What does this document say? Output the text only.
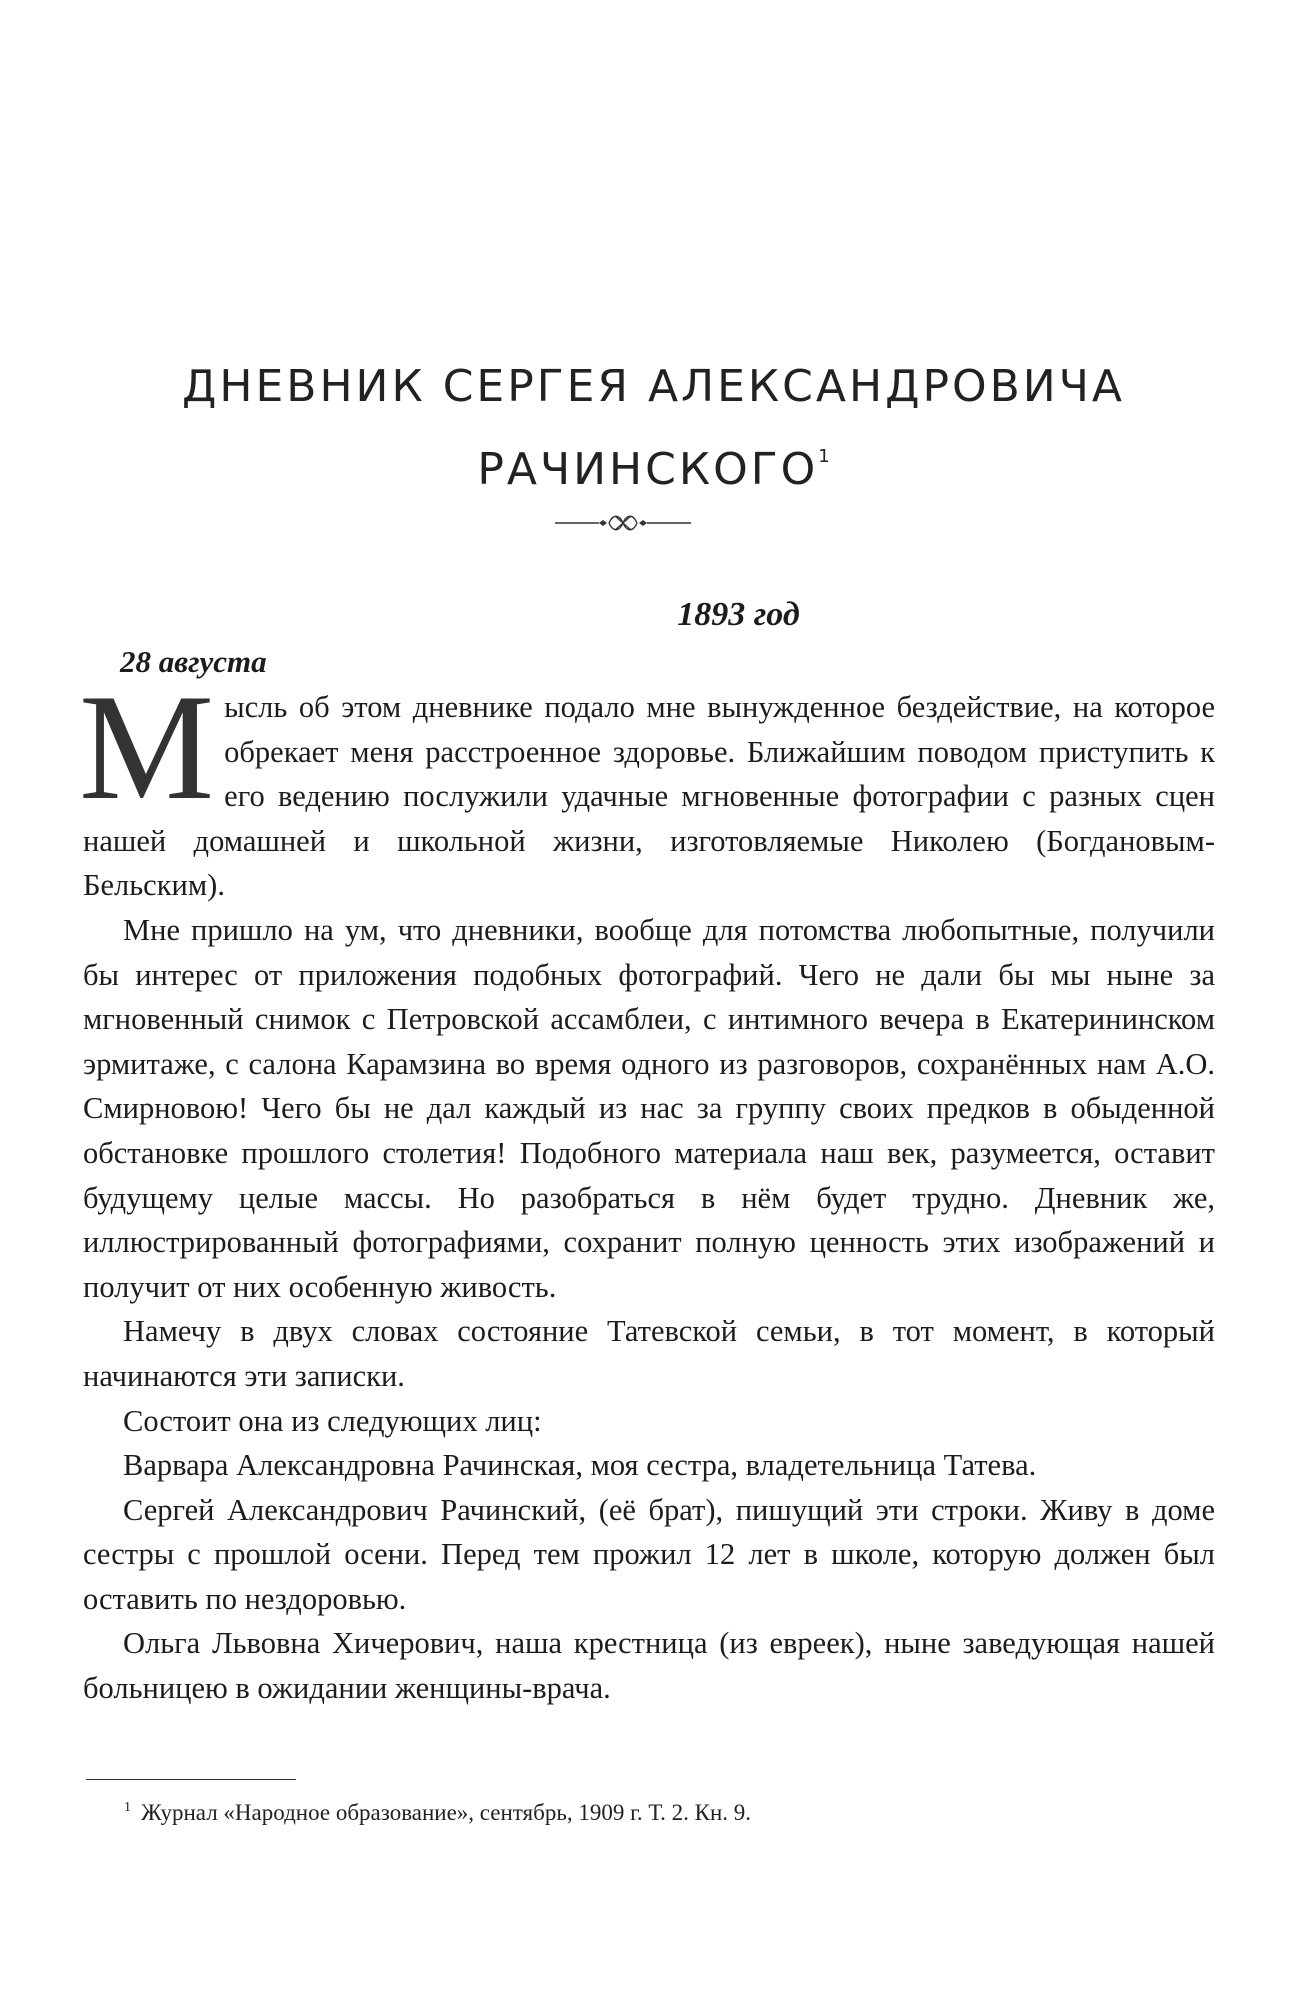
ДНЕВНИК СЕРГЕЯ АЛЕКСАНДРОВИЧА
РАЧИНСКОГО$^1$
1893 год
28 августа

Мысль об этом дневнике подало мне вынужденное бездействие, на которое обрекает меня расстроенное здоровье. Ближайшим поводом приступить к его ведению послужили удачные мгновенные фотографии с разных сцен нашей домашней и школьной жизни, изготовляемые Николею (Богдановым-Бельским).

Мне пришло на ум, что дневники, вообще для потомства любопытные, получили бы интерес от приложения подобных фотографий. Чего не дали бы мы ныне за мгновенный снимок с Петровской ассамблеи, с интимного вечера в Екатерининском эрмитаже, с салона Карамзина во время одного из разговоров, сохранённых нам А.О. Смирновою! Чего бы не дал каждый из нас за группу своих предков в обыденной обстановке прошлого столетия! Подобного материала наш век, разумеется, оставит будущему целые массы. Но разобраться в нём будет трудно. Дневник же, иллюстрированный фотографиями, сохранит полную ценность этих изображений и получит от них особенную живость.

Намечу в двух словах состояние Татевской семьи, в тот момент, в который начинаются эти записки.

Состоит она из следующих лиц:

Варвара Александровна Рачинская, моя сестра, владетельница Татева.

Сергей Александрович Рачинский, (её брат), пишущий эти строки. Живу в доме сестры с прошлой осени. Перед тем прожил 12 лет в школе, которую должен был оставить по нездоровью.

Ольга Львовна Хичерович, наша крестница (из евреек), ныне заведующая нашей больницею в ожидании женщины-врача.

$^1$ Журнал «Народное образование», сентябрь, 1909 г. Т. 2. Кн. 9.
